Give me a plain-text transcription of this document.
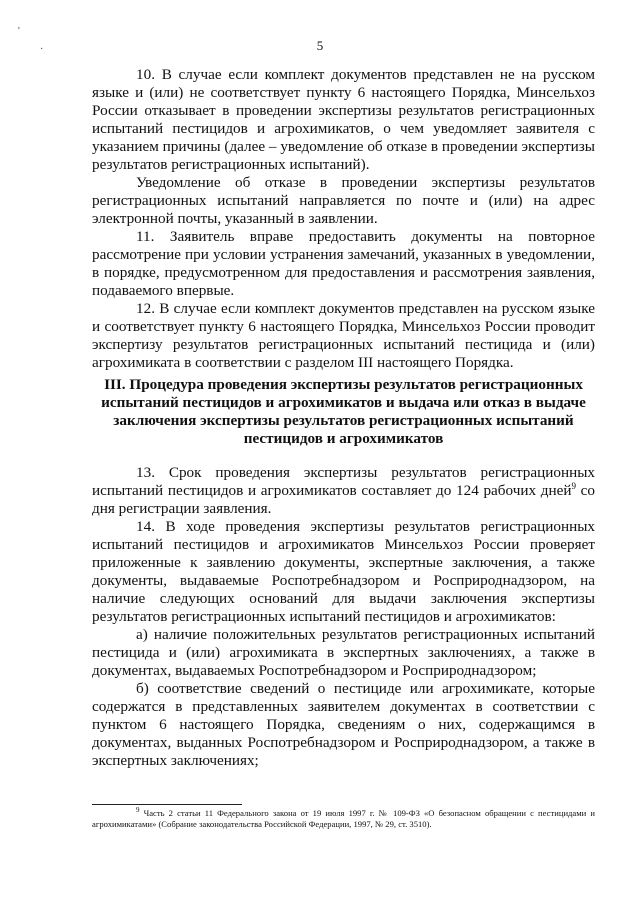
'
·	5

10. В случае если комплект документов представлен не на русском языке и (или) не соответствует пункту 6 настоящего Порядка, Минсельхоз России отказывает в проведении экспертизы результатов регистрационных испытаний пестицидов и агрохимикатов, о чем уведомляет заявителя с указанием причины (далее – уведомление об отказе в проведении экспертизы результатов регистрационных испытаний).

Уведомление об отказе в проведении экспертизы результатов регистрационных испытаний направляется по почте и (или) на адрес электронной почты, указанный в заявлении.

11. Заявитель вправе предоставить документы на повторное рассмотрение при условии устранения замечаний, указанных в уведомлении, в порядке, предусмотренном для предоставления и рассмотрения заявления, подаваемого впервые.

12. В случае если комплект документов представлен на русском языке и соответствует пункту 6 настоящего Порядка, Минсельхоз России проводит экспертизу результатов регистрационных испытаний пестицида и (или) агрохимиката в соответствии с разделом III настоящего Порядка.

III. Процедура проведения экспертизы результатов регистрационных испытаний пестицидов и агрохимикатов и выдача или отказ в выдаче заключения экспертизы результатов регистрационных испытаний пестицидов и агрохимикатов

13. Срок проведения экспертизы результатов регистрационных испытаний пестицидов и агрохимикатов составляет до 124 рабочих дней$^9$ со дня регистрации заявления.

14. В ходе проведения экспертизы результатов регистрационных испытаний пестицидов и агрохимикатов Минсельхоз России проверяет приложенные к заявлению документы, экспертные заключения, а также документы, выдаваемые Роспотребнадзором и Росприроднадзором, на наличие следующих оснований для выдачи заключения экспертизы результатов регистрационных испытаний пестицидов и агрохимикатов:

а) наличие положительных результатов регистрационных испытаний пестицида и (или) агрохимиката в экспертных заключениях, а также в документах, выдаваемых Роспотребнадзором и Росприроднадзором;

б) соответствие сведений о пестициде или агрохимикате, которые содержатся в представленных заявителем документах в соответствии с пунктом 6 настоящего Порядка, сведениям о них, содержащимся в документах, выданных Роспотребнадзором и Росприроднадзором, а также в экспертных заключениях;

$^9$ Часть 2 статьи 11 Федерального закона от 19 июля 1997 г. № 109-ФЗ «О безопасном обращении с пестицидами и агрохимикатами» (Собрание законодательства Российской Федерации, 1997, № 29, ст. 3510).
